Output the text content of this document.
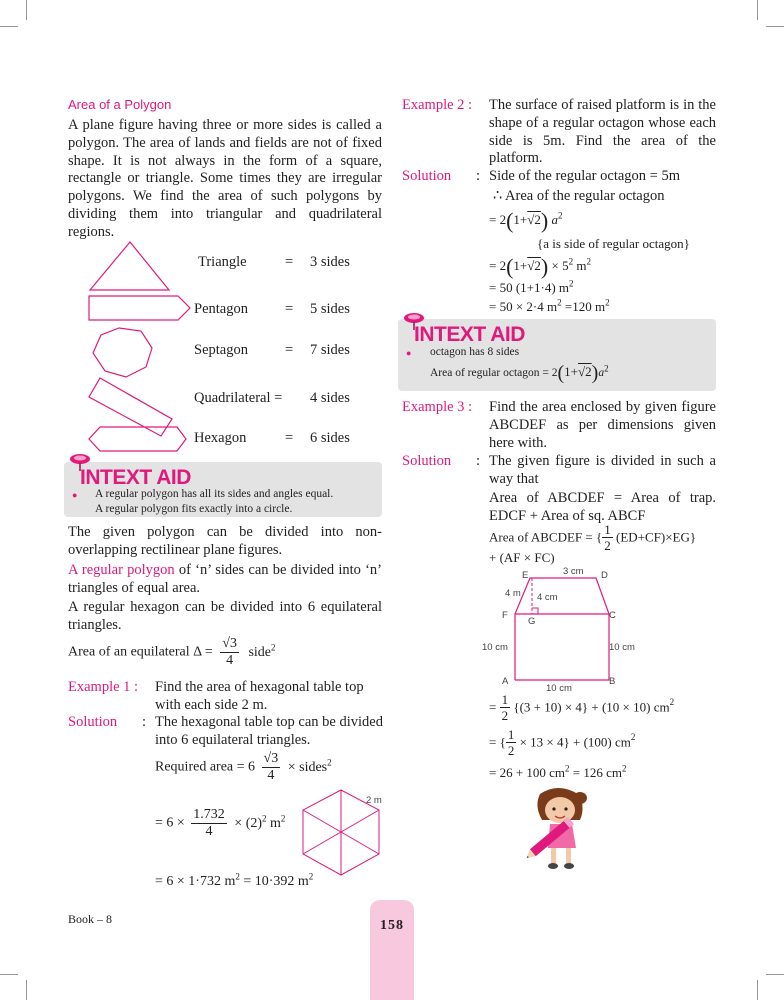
Area of a Polygon
A plane figure having three or more sides is called a polygon. The area of lands and fields are not of fixed shape. It is not always in the form of a square, rectangle or triangle. Some times they are irregular polygons. We find the area of such polygons by dividing them into triangular and quadrilateral regions.
Triangle	= 3 sides
Pentagon	= 5 sides
Septagon	= 7 sides
Quadrilateral = 4 sides
Hexagon	= 6 sides
INTEXT AID
● A regular polygon has all its sides and angles equal.
A regular polygon fits exactly into a circle.
The given polygon can be divided into non-overlapping rectilinear plane figures.
A regular polygon of ‘n’ sides can be divided into ‘n’ triangles of equal area.
A regular hexagon can be divided into 6 equilateral triangles.
Area of an equilateral $\Delta = \frac{√3}{4}$ side$^2$
Example 1 : Find the area of hexagonal table top with each side 2 m.
Solution : The hexagonal table top can be divided into 6 equilateral triangles.
Required area = $6 \frac{√3}{4}$ × sides$^2$
= $6 \times \frac{1.732}{4} \times (2)^2$ $m^2$
= 6 × 1·732 $m^2 = 10\cdot 392$ $m^2$
2 m
Example 2 : The surface of raised platform is in the shape of a regular octagon whose each side is 5m. Find the area of the platform.
Solution : Side of the regular octagon = 5m
∴ Area of the regular octagon
= 2(1+√2) $a^2$
{a is side of regular octagon}
= $2(1+√2) \times 5^2$ $m^2$
= 50 (1+1·4) $m^2$
= 50 × 2·4 $m^2 =120$ $m^2$
INTEXT AID
● octagon has 8 sides
Area of regular octagon = $2(1+√2)a^2$
Example 3 : Find the area enclosed by given figure ABCDEF as per dimensions given here with.
Solution : The given figure is divided in such a way that
Area of ABCDEF = Area of trap. EDCF + Area of sq. ABCF
Area of ABCDEF = { $\frac{1}{2} (ED+CF)\times EG$}
+ (AF × FC)
E	D
F	C
G
A	B
3 cm
4 m 4 cm
10 cm	10 cm
10 cm
= $\frac{1}{2} \{(3 + 10) \times 4\} + (10 \times 10)$ $cm^2$
= { $\frac{1}{2} \times 13 \times 4\} + (100)$ $cm^2$
= 26 + 100 $cm^2 = 126$ $cm^2$
158
Book – 8
